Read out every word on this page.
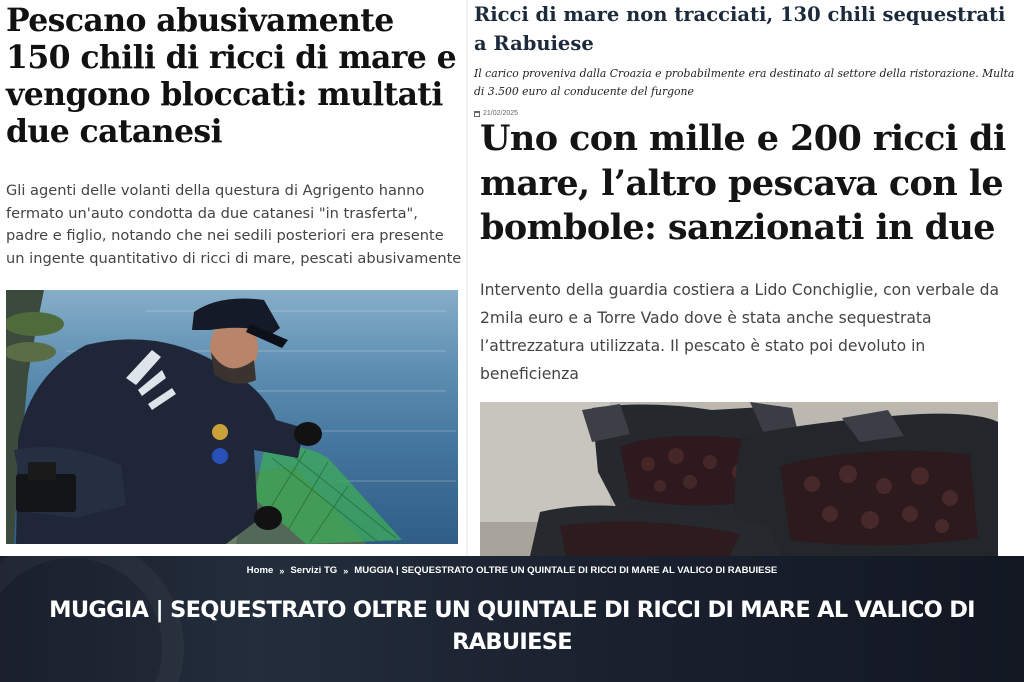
Pescano abusivamente 150 chili di ricci di mare e vengono bloccati: multati due catanesi

Gli agenti delle volanti della questura di Agrigento hanno fermato un'auto condotta da due catanesi "in trasferta", padre e figlio, notando che nei sedili posteriori era presente un ingente quantitativo di ricci di mare, pescati abusivamente

Ricci di mare non tracciati, 130 chili sequestrati a Rabuiese

Il carico proveniva dalla Croazia e probabilmente era destinato al settore della ristorazione. Multa di 3.500 euro al conducente del furgone

21/02/2025
Uno con mille e 200 ricci di mare, l’altro pescava con le bombole: sanzionati in due

Intervento della guardia costiera a Lido Conchiglie, con verbale da 2mila euro e a Torre Vado dove è stata anche sequestrata l’attrezzatura utilizzata. Il pescato è stato poi devoluto in beneficienza

Home » Servizi TG » MUGGIA | SEQUESTRATO OLTRE UN QUINTALE DI RICCI DI MARE AL VALICO DI RABUIESE
MUGGIA | SEQUESTRATO OLTRE UN QUINTALE DI RICCI DI MARE AL VALICO DI RABUIESE
